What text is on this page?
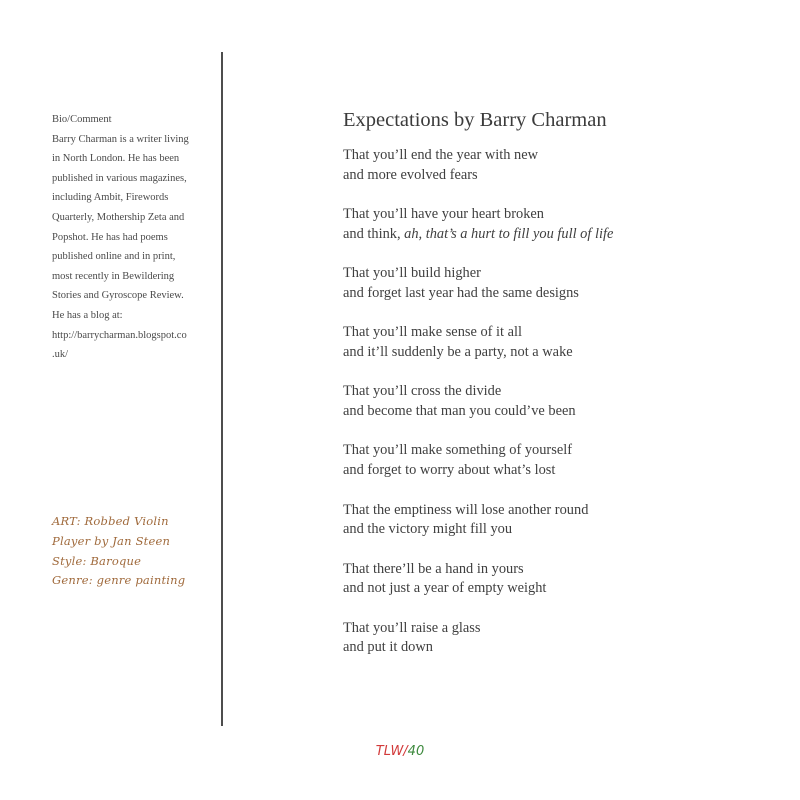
Bio/Comment
Barry Charman is a writer living
in North London. He has been
published in various magazines,
including Ambit, Firewords
Quarterly, Mothership Zeta and
Popshot. He has had poems
published online and in print,
most recently in Bewildering
Stories and Gyroscope Review.
He has a blog at:
http://barrycharman.blogspot.co
.uk/
ART: Robbed Violin
Player by Jan Steen
Style: Baroque
Genre: genre painting
Expectations by Barry Charman
That you’ll end the year with new
and more evolved fears
That you’ll have your heart broken
and think, ah, that’s a hurt to fill you full of life
That you’ll build higher
and forget last year had the same designs
That you’ll make sense of it all
and it’ll suddenly be a party, not a wake
That you’ll cross the divide
and become that man you could’ve been
That you’ll make something of yourself
and forget to worry about what’s lost
That the emptiness will lose another round
and the victory might fill you
That there’ll be a hand in yours
and not just a year of empty weight
That you’ll raise a glass
and put it down
TLW/40
